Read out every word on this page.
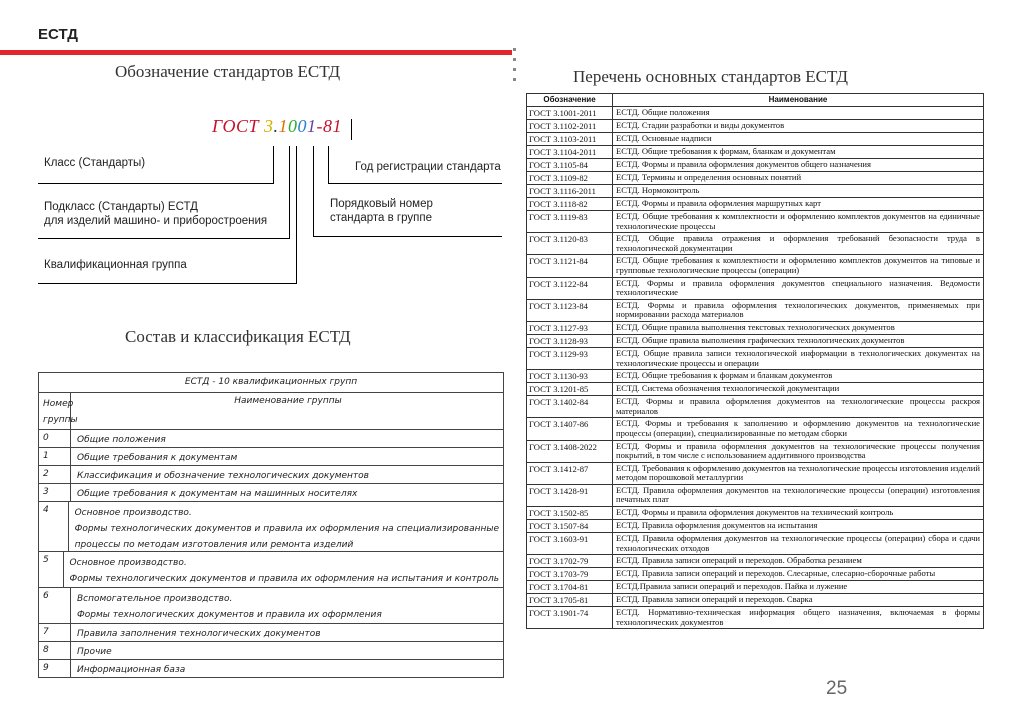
ЕСТД
Обозначение стандартов ЕСТД
ГОСТ 3.1001-81
Класс (Стандарты)
Подкласс (Стандарты) ЕСТД
для изделий машино- и приборостроения
Квалификационная группа
Год регистрации стандарта
Порядковый номер
стандарта в группе
Состав и классификация ЕСТД
ЕСТД - 10 квалификационных групп
Номер
группы
Наименование группы
0	Общие положения
1	Общие требования к документам
2	Классификация и обозначение технологических документов
3	Общие требования к документам на машинных носителях
4	Основное производство.
Формы технологических документов и правила их оформления на специализированные
процессы по методам изготовления или ремонта изделий
5	Основное производство.
Формы технологических документов и правила их оформления на испытания и контроль
6	Вспомогательное производство.
Формы технологических документов и правила их оформления
7	Правила заполнения технологических документов
8	Прочие
9	Информационная база
Перечень основных стандартов ЕСТД
Обозначение	Наименование
ГОСТ 3.1001-2011	ЕСТД. Общие положения
ГОСТ 3.1102-2011	ЕСТД. Стадии разработки и виды документов
ГОСТ 3.1103-2011	ЕСТД. Основные надписи
ГОСТ 3.1104-2011	ЕСТД. Общие требования к формам, бланкам и документам
ГОСТ 3.1105-84	ЕСТД. Формы и правила оформления документов общего назначения
ГОСТ 3.1109-82	ЕСТД. Термины и определения основных понятий
ГОСТ 3.1116-2011	ЕСТД. Нормоконтроль
ГОСТ 3.1118-82	ЕСТД. Формы и правила оформления маршрутных карт
ГОСТ 3.1119-83	ЕСТД. Общие требования к комплектности и оформлению комплектов документов на единичные технологические процессы
ГОСТ 3.1120-83	ЕСТД. Общие правила отражения и оформления требований безопасности труда в технологической документации
ГОСТ 3.1121-84	ЕСТД. Общие требования к комплектности и оформлению комплектов документов на типовые и групповые технологические процессы (операции)
ГОСТ 3.1122-84	ЕСТД. Формы и правила оформления документов специального назначения. Ведомости технологические
ГОСТ 3.1123-84	ЕСТД. Формы и правила оформления технологических документов, применяемых при нормировании расхода материалов
ГОСТ 3.1127-93	ЕСТД. Общие правила выполнения текстовых технологических документов
ГОСТ 3.1128-93	ЕСТД. Общие правила выполнения графических технологических документов
ГОСТ 3.1129-93	ЕСТД. Общие правила записи технологической информации в технологических документах на технологические процессы и операции
ГОСТ 3.1130-93	ЕСТД. Общие требования к формам и бланкам документов
ГОСТ 3.1201-85	ЕСТД. Система обозначения технологической документации
ГОСТ 3.1402-84	ЕСТД. Формы и правила оформления документов на технологические процессы раскроя материалов
ГОСТ 3.1407-86	ЕСТД. Формы и требования к заполнению и оформлению документов на технологические процессы (операции), специализированные по методам сборки
ГОСТ 3.1408-2022	ЕСТД. Формы и правила оформления документов на технологические процессы получения покрытий, в том числе с использованием аддитивного производства
ГОСТ 3.1412-87	ЕСТД. Требования к оформлению документов на технологические процессы изготовления изделий методом порошковой металлургии
ГОСТ 3.1428-91	ЕСТД. Правила оформления документов на технологические процессы (операции) изготовления печатных плат
ГОСТ 3.1502-85	ЕСТД. Формы и правила оформления документов на технический контроль
ГОСТ 3.1507-84	ЕСТД. Правила оформления документов на испытания
ГОСТ 3.1603-91	ЕСТД. Правила оформления документов на технологические процессы (операции) сбора и сдачи технологических отходов
ГОСТ 3.1702-79	ЕСТД. Правила записи операций и переходов. Обработка резанием
ГОСТ 3.1703-79	ЕСТД. Правила записи операций и переходов. Слесарные, слесарно-сборочные работы
ГОСТ 3.1704-81	ЕСТД.Правила записи операций и переходов. Пайка и лужение
ГОСТ 3.1705-81	ЕСТД. Правила записи операций и переходов. Сварка
ГОСТ 3.1901-74	ЕСТД. Нормативно-техническая информация общего назначения, включаемая в формы технологических документов
25
